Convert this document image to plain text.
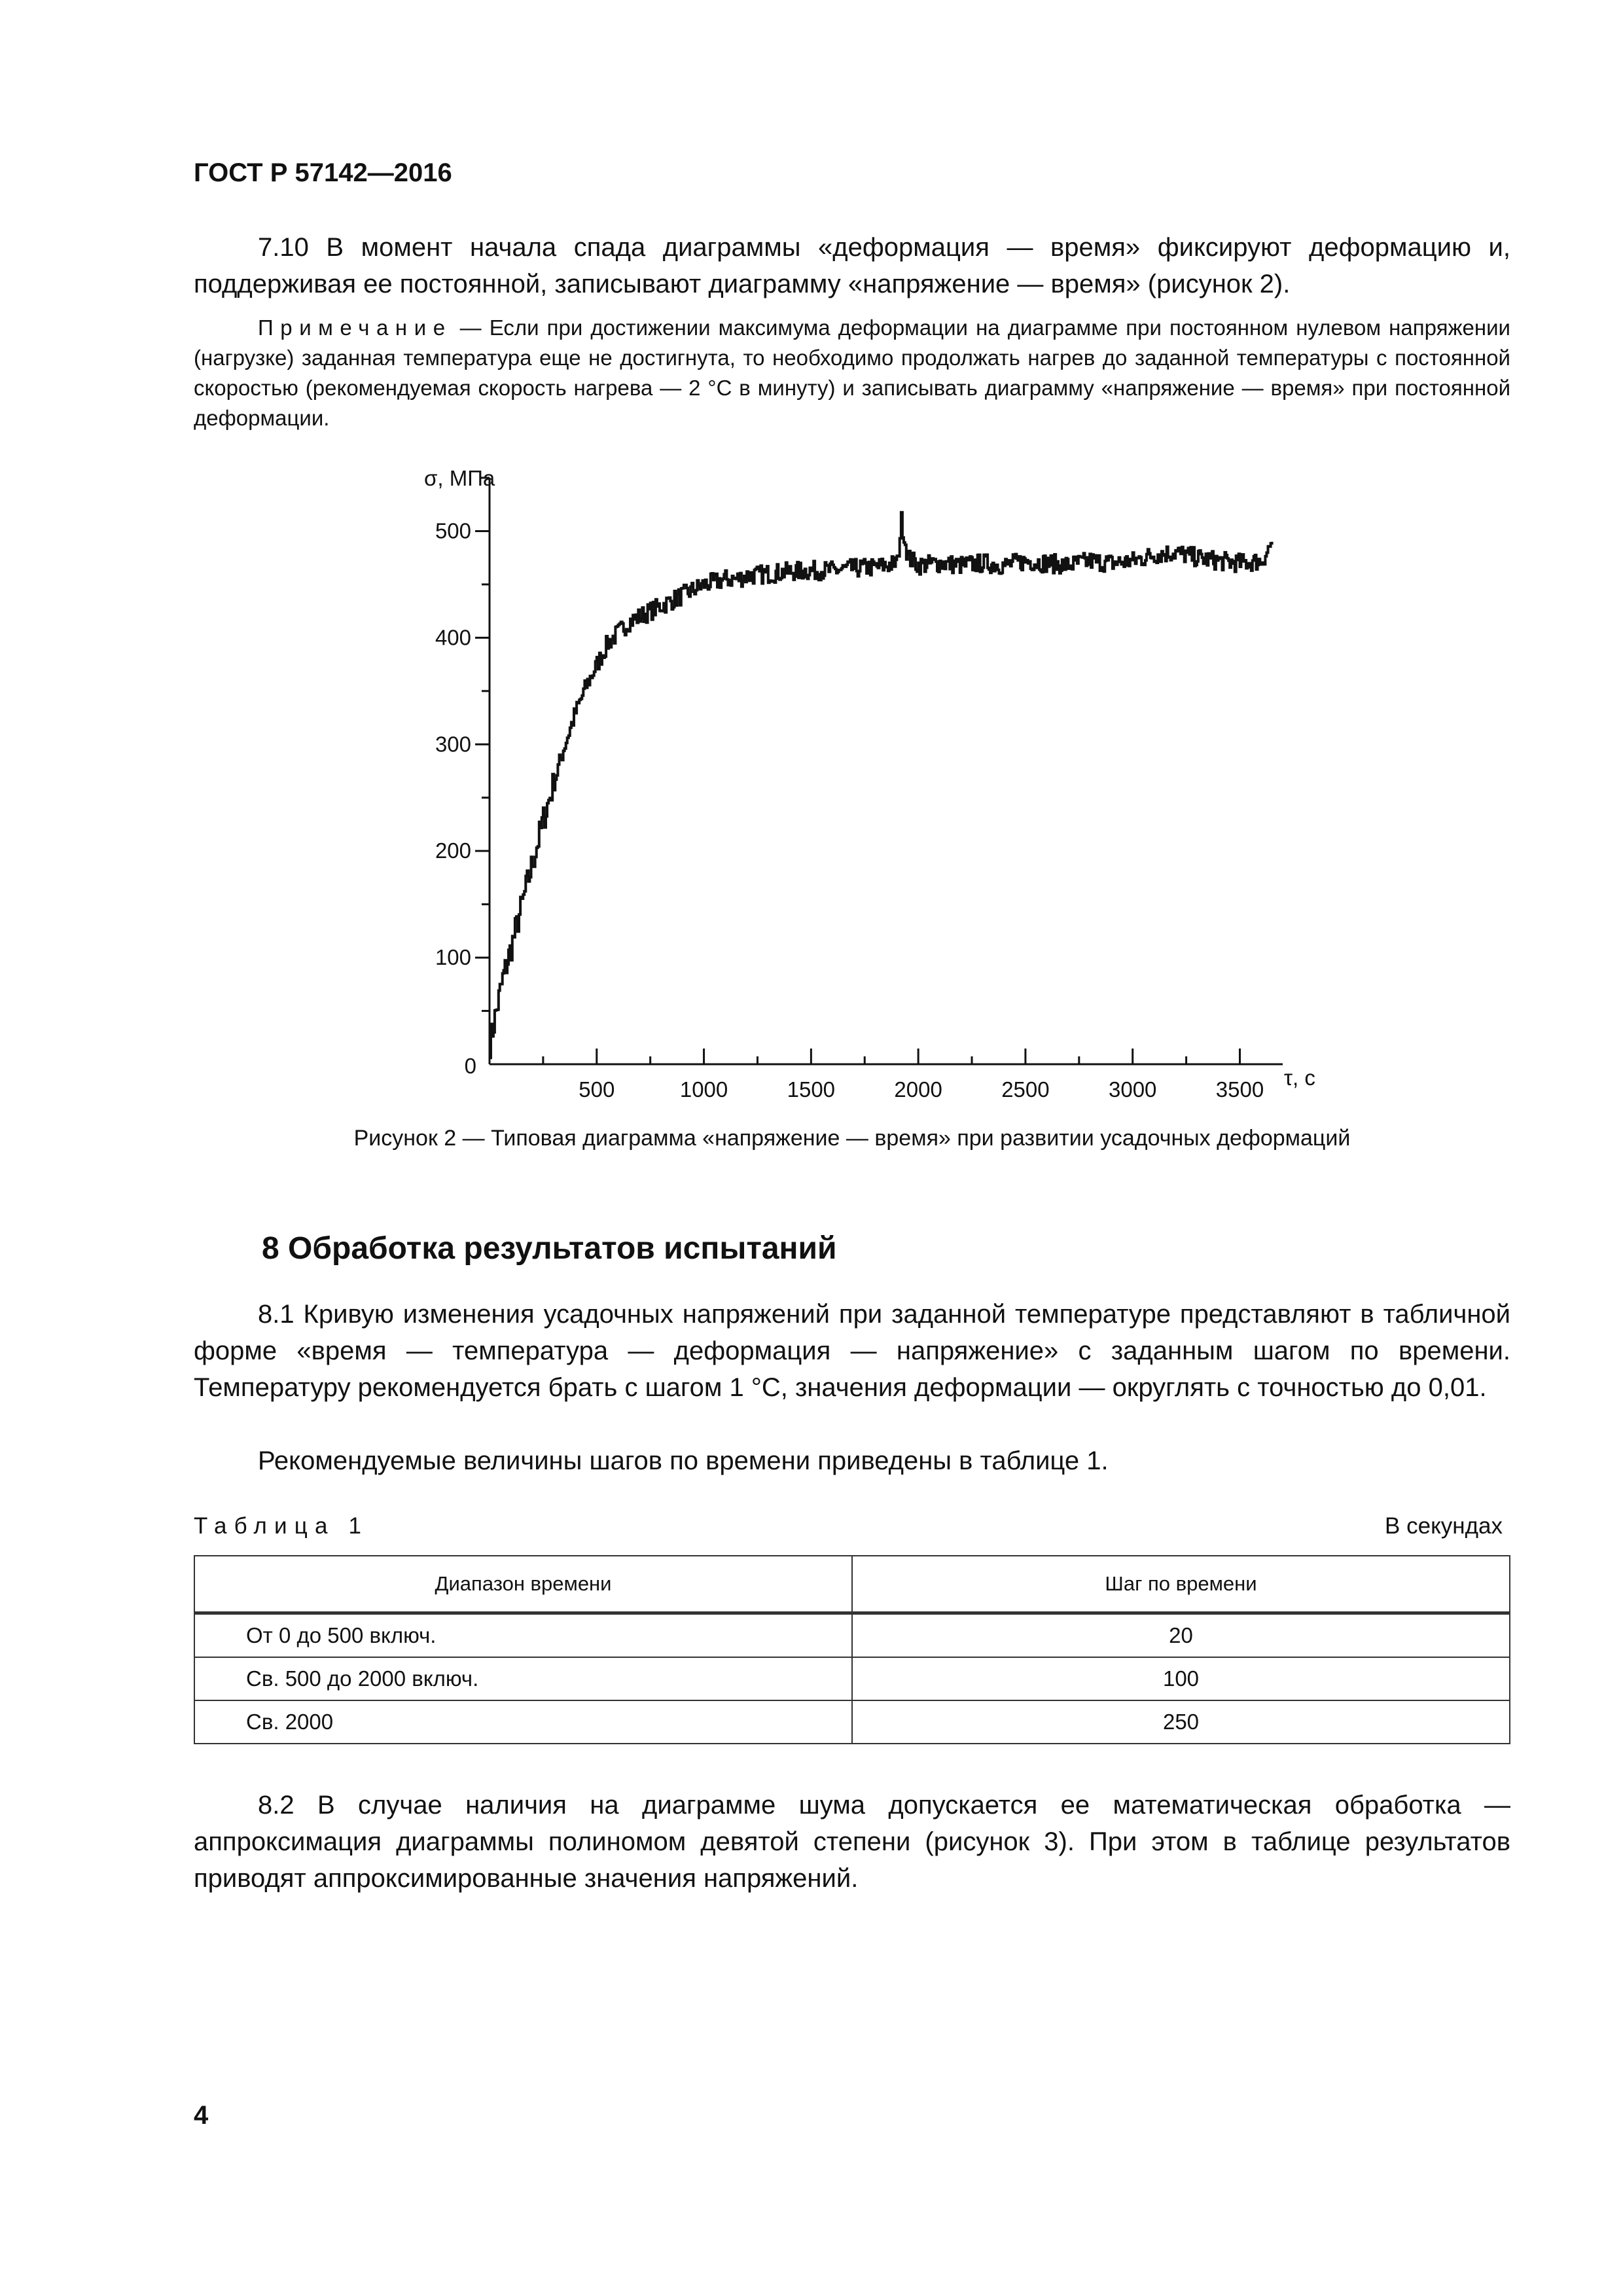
ГОСТ Р 57142—2016
7.10 В момент начала спада диаграммы «деформация — время» фиксируют деформацию и, поддерживая ее постоянной, записывают диаграмму «напряжение — время» (рисунок 2).
Примечание — Если при достижении максимума деформации на диаграмме при постоянном нулевом напряжении (нагрузке) заданная температура еще не достигнута, то необходимо продолжать нагрев до заданной температуры с постоянной скоростью (рекомендуемая скорость нагрева — 2 °С в минуту) и записывать диаграмму «напряжение — время» при постоянной деформации.
100
200
300
400
500
500	1000	1500	2000	2500	3000	3500
σ, МПа
τ, с
0
Рисунок 2 — Типовая диаграмма «напряжение — время» при развитии усадочных деформаций
8 Обработка результатов испытаний
8.1 Кривую изменения усадочных напряжений при заданной температуре представляют в табличной форме «время — температура — деформация — напряжение» с заданным шагом по времени. Температуру рекомендуется брать с шагом 1 °С, значения деформации — округлять с точностью до 0,01.
Рекомендуемые величины шагов по времени приведены в таблице 1.
Таблица 1	В секундах
Диапазон времени	Шаг по времени
От 0 до 500 включ.	20
Св. 500 до 2000 включ.	100
Св. 2000	250
8.2 В случае наличия на диаграмме шума допускается ее математическая обработка — аппроксимация диаграммы полиномом девятой степени (рисунок 3). При этом в таблице результатов приводят аппроксимированные значения напряжений.
4
